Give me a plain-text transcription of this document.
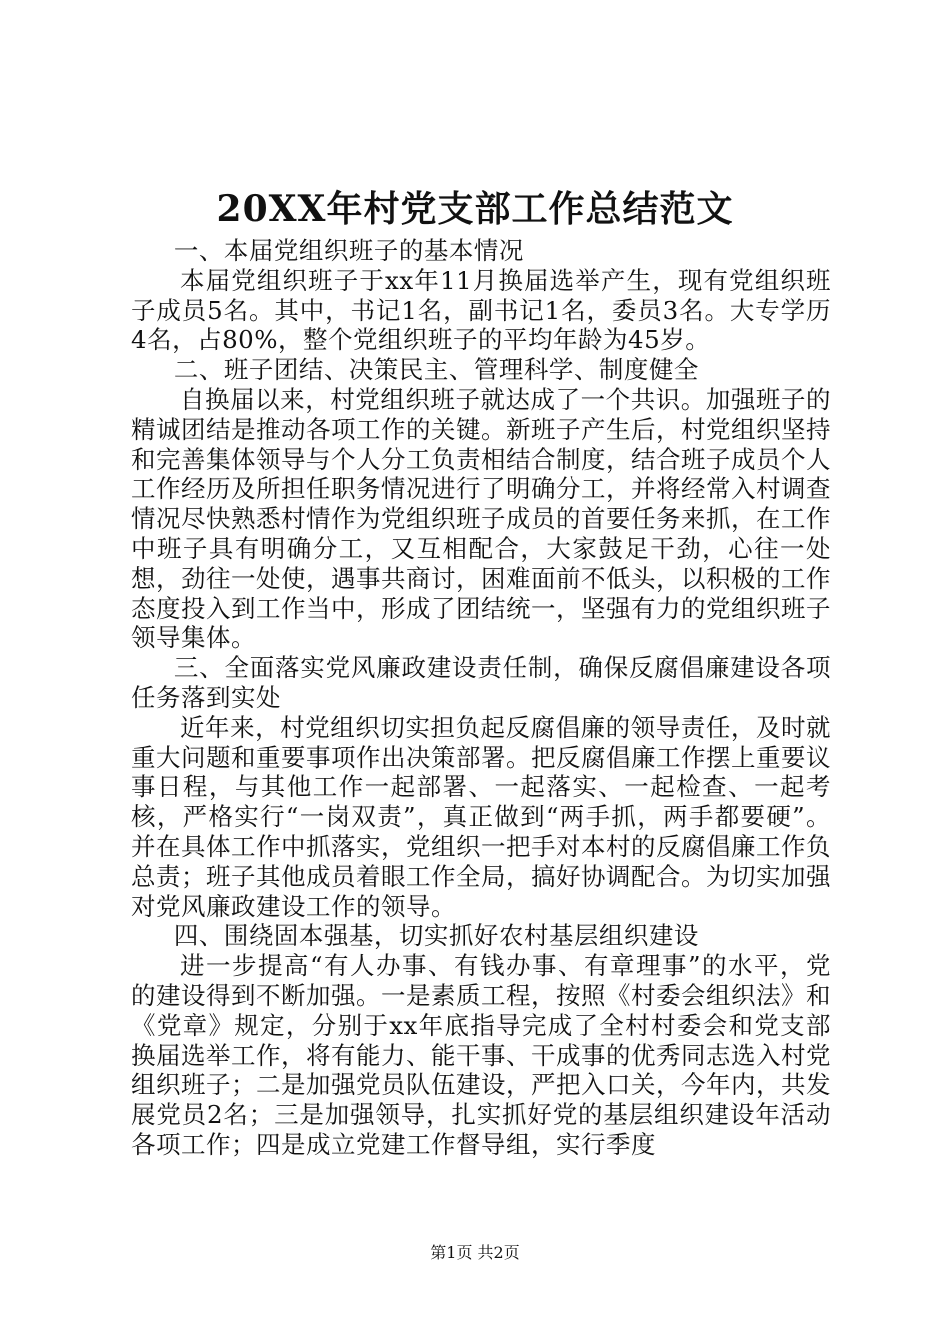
20XX年村党支部工作总结范文

一、本届党组织班子的基本情况

本届党组织班子于xx年11月换届选举产生，现有党组织班子成员5名。其中，书记1名，副书记1名，委员3名。大专学历4名，占80%，整个党组织班子的平均年龄为45岁。

二、班子团结、决策民主、管理科学、制度健全

自换届以来，村党组织班子就达成了一个共识。加强班子的精诚团结是推动各项工作的关键。新班子产生后，村党组织坚持和完善集体领导与个人分工负责相结合制度，结合班子成员个人工作经历及所担任职务情况进行了明确分工，并将经常入村调查情况尽快熟悉村情作为党组织班子成员的首要任务来抓，在工作中班子具有明确分工，又互相配合，大家鼓足干劲，心往一处想，劲往一处使，遇事共商讨，困难面前不低头，以积极的工作态度投入到工作当中，形成了团结统一，坚强有力的党组织班子领导集体。

三、全面落实党风廉政建设责任制，确保反腐倡廉建设各项任务落到实处

近年来，村党组织切实担负起反腐倡廉的领导责任，及时就重大问题和重要事项作出决策部署。把反腐倡廉工作摆上重要议事日程，与其他工作一起部署、一起落实、一起检查、一起考核，严格实行“一岗双责”，真正做到“两手抓，两手都要硬”。并在具体工作中抓落实，党组织一把手对本村的反腐倡廉工作负总责；班子其他成员着眼工作全局，搞好协调配合。为切实加强对党风廉政建设工作的领导。

四、围绕固本强基，切实抓好农村基层组织建设

进一步提高“有人办事、有钱办事、有章理事”的水平，党的建设得到不断加强。一是素质工程，按照《村委会组织法》和《党章》规定，分别于xx年底指导完成了全村村委会和党支部换届选举工作，将有能力、能干事、干成事的优秀同志选入村党组织班子；二是加强党员队伍建设，严把入口关，今年内，共发展党员2名；三是加强领导，扎实抓好党的基层组织建设年活动各项工作；四是成立党建工作督导组，实行季度

第1页 共2页
